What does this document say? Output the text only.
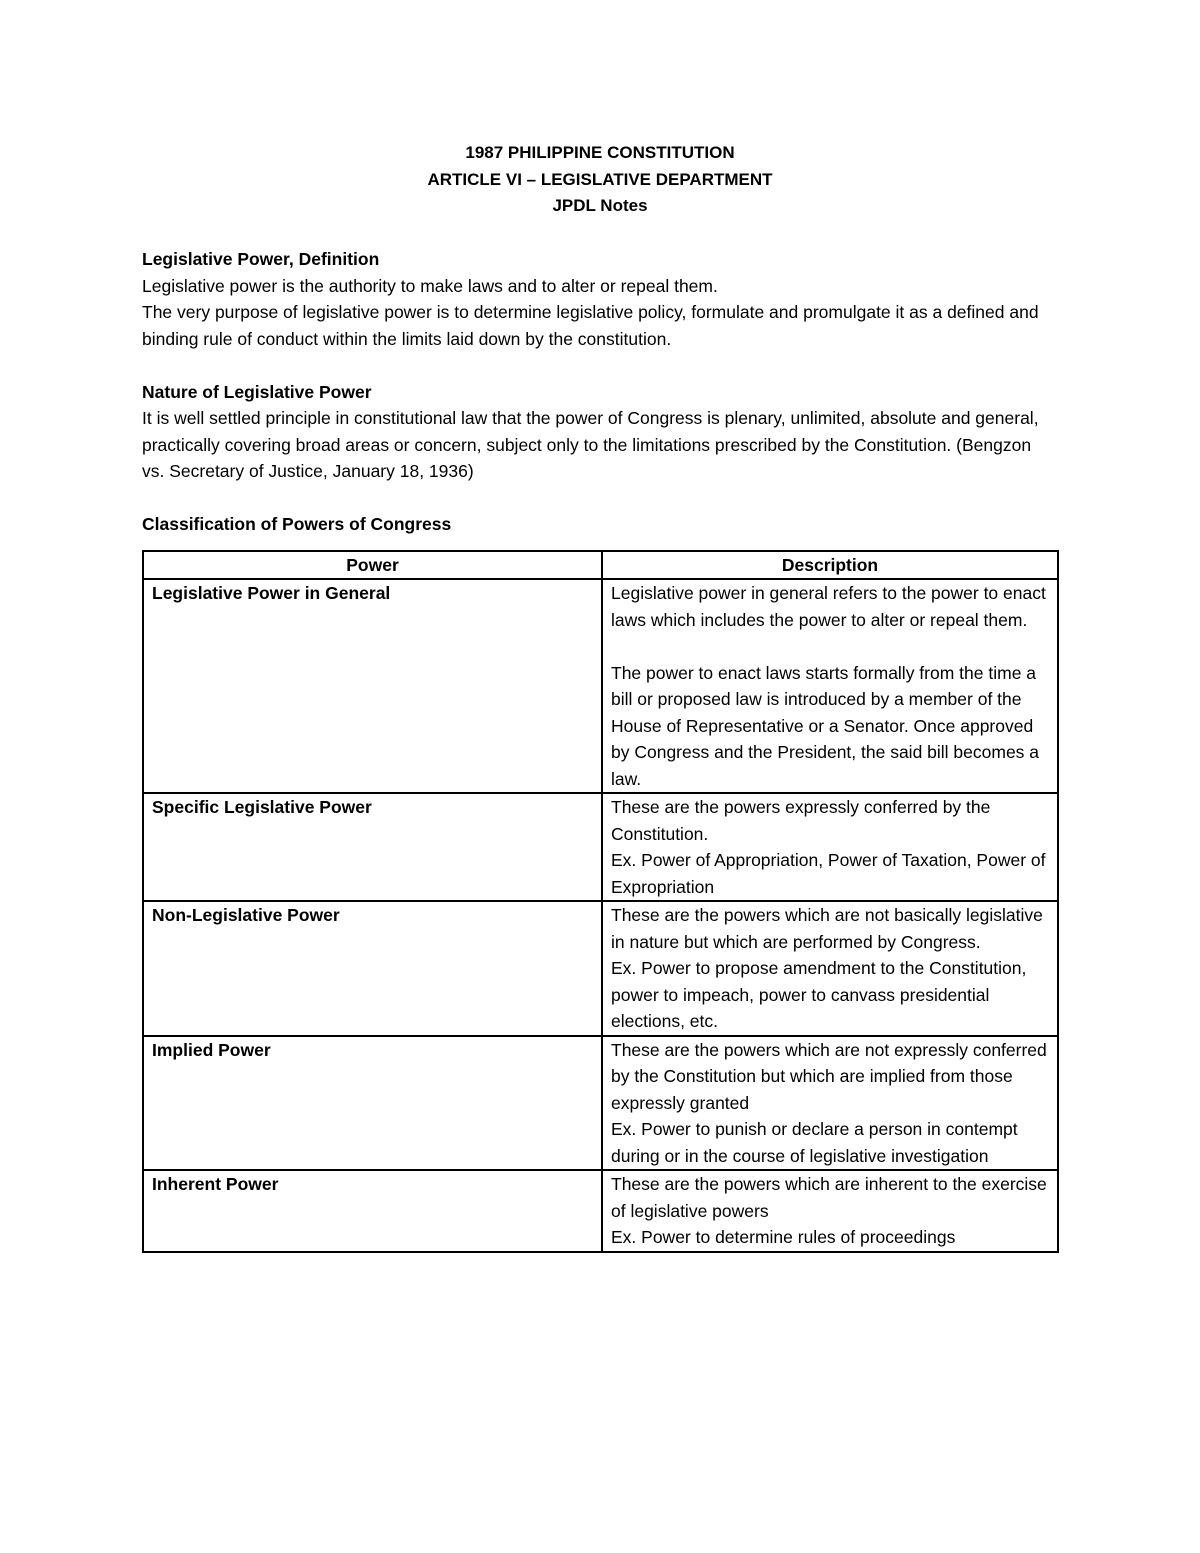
1987 PHILIPPINE CONSTITUTION
ARTICLE VI – LEGISLATIVE DEPARTMENT
JPDL Notes
Legislative Power, Definition
Legislative power is the authority to make laws and to alter or repeal them.
The very purpose of legislative power is to determine legislative policy, formulate and promulgate it as a defined and binding rule of conduct within the limits laid down by the constitution.
Nature of Legislative Power
It is well settled principle in constitutional law that the power of Congress is plenary, unlimited, absolute and general, practically covering broad areas or concern, subject only to the limitations prescribed by the Constitution. (Bengzon vs. Secretary of Justice, January 18, 1936)
Classification of Powers of Congress
Power	Description
Legislative Power in General	Legislative power in general refers to the power to enact laws which includes the power to alter or repeal them.
The power to enact laws starts formally from the time a bill or proposed law is introduced by a member of the House of Representative or a Senator. Once approved by Congress and the President, the said bill becomes a law.

Specific Legislative Power	These are the powers expressly conferred by the Constitution.
Ex. Power of Appropriation, Power of Taxation, Power of Expropriation

Non-Legislative Power	These are the powers which are not basically legislative in nature but which are performed by Congress.
Ex. Power to propose amendment to the Constitution, power to impeach, power to canvass presidential elections, etc.

Implied Power	These are the powers which are not expressly conferred by the Constitution but which are implied from those expressly granted
Ex. Power to punish or declare a person in contempt during or in the course of legislative investigation

Inherent Power	These are the powers which are inherent to the exercise of legislative powers
Ex. Power to determine rules of proceedings
